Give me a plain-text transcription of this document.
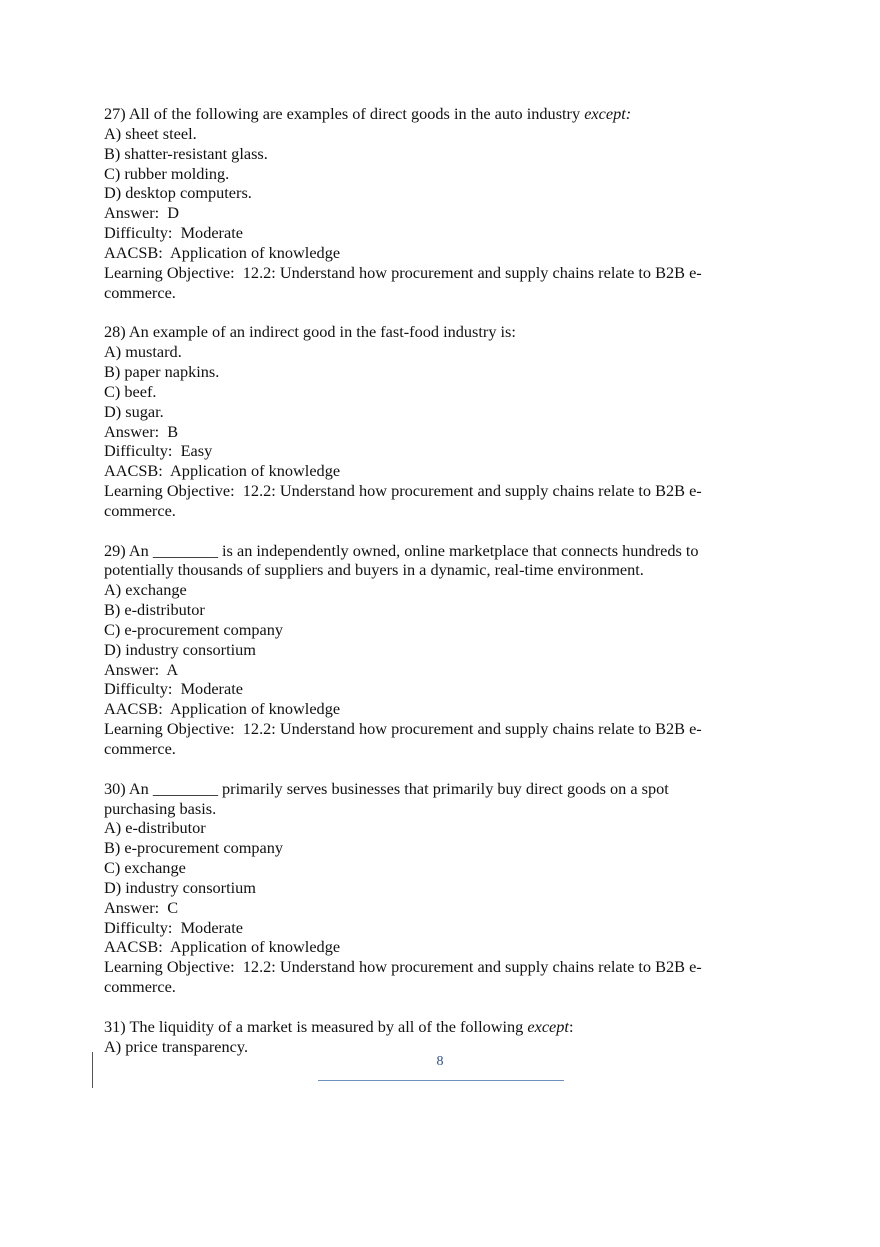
27) All of the following are examples of direct goods in the auto industry except:
A) sheet steel.
B) shatter-resistant glass.
C) rubber molding.
D) desktop computers.
Answer:  D
Difficulty:  Moderate
AACSB:  Application of knowledge
Learning Objective:  12.2: Understand how procurement and supply chains relate to B2B e-commerce.
28) An example of an indirect good in the fast-food industry is:
A) mustard.
B) paper napkins.
C) beef.
D) sugar.
Answer:  B
Difficulty:  Easy
AACSB:  Application of knowledge
Learning Objective:  12.2: Understand how procurement and supply chains relate to B2B e-commerce.
29) An ________ is an independently owned, online marketplace that connects hundreds to potentially thousands of suppliers and buyers in a dynamic, real-time environment.
A) exchange
B) e-distributor
C) e-procurement company
D) industry consortium
Answer:  A
Difficulty:  Moderate
AACSB:  Application of knowledge
Learning Objective:  12.2: Understand how procurement and supply chains relate to B2B e-commerce.
30) An ________ primarily serves businesses that primarily buy direct goods on a spot purchasing basis.
A) e-distributor
B) e-procurement company
C) exchange
D) industry consortium
Answer:  C
Difficulty:  Moderate
AACSB:  Application of knowledge
Learning Objective:  12.2: Understand how procurement and supply chains relate to B2B e-commerce.
31) The liquidity of a market is measured by all of the following except:
A) price transparency.
8
